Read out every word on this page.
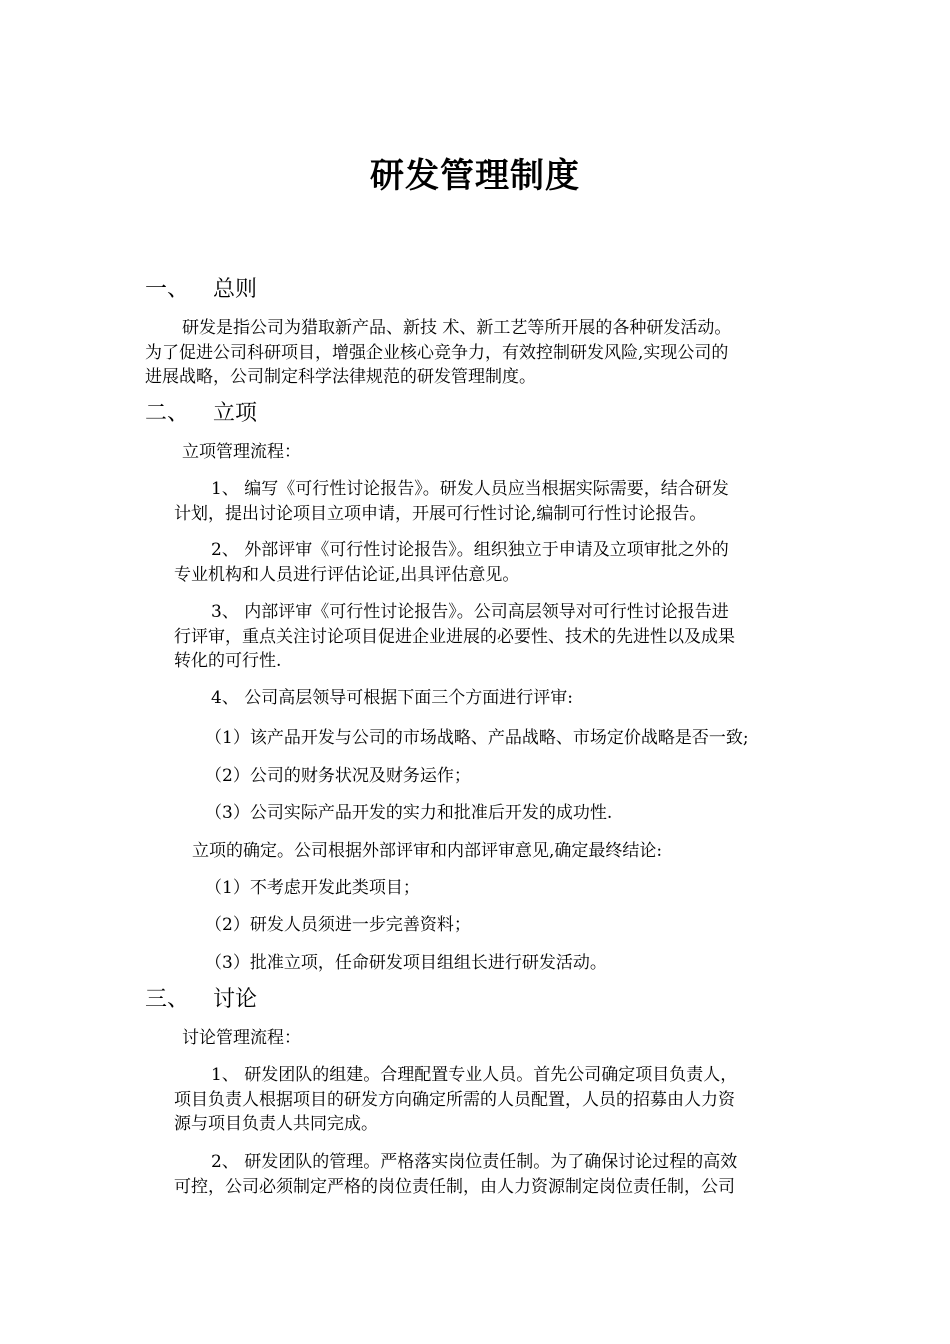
研发管理制度
一、 总则
研发是指公司为猎取新产品、新技 术、新工艺等所开展的各种研发活动。
为了促进公司科研项目，增强企业核心竞争力，有效控制研发风险,实现公司的
进展战略，公司制定科学法律规范的研发管理制度。
二、 立项
立项管理流程：
1、 编写《可行性讨论报告》。研发人员应当根据实际需要，结合研发
计划，提出讨论项目立项申请，开展可行性讨论,编制可行性讨论报告。
2、 外部评审《可行性讨论报告》。组织独立于申请及立项审批之外的
专业机构和人员进行评估论证,出具评估意见。
3、 内部评审《可行性讨论报告》。公司高层领导对可行性讨论报告进
行评审，重点关注讨论项目促进企业进展的必要性、技术的先进性以及成果
转化的可行性.
4、 公司高层领导可根据下面三个方面进行评审:
（1）该产品开发与公司的市场战略、产品战略、市场定价战略是否一致;
（2）公司的财务状况及财务运作；
（3）公司实际产品开发的实力和批准后开发的成功性.
立项的确定。公司根据外部评审和内部评审意见,确定最终结论:
（1）不考虑开发此类项目；
（2）研发人员须进一步完善资料；
（3）批准立项，任命研发项目组组长进行研发活动。
三、 讨论
讨论管理流程：
1、 研发团队的组建。合理配置专业人员。首先公司确定项目负责人，
项目负责人根据项目的研发方向确定所需的人员配置，人员的招募由人力资
源与项目负责人共同完成。
2、 研发团队的管理。严格落实岗位责任制。为了确保讨论过程的高效
可控，公司必须制定严格的岗位责任制，由人力资源制定岗位责任制，公司
